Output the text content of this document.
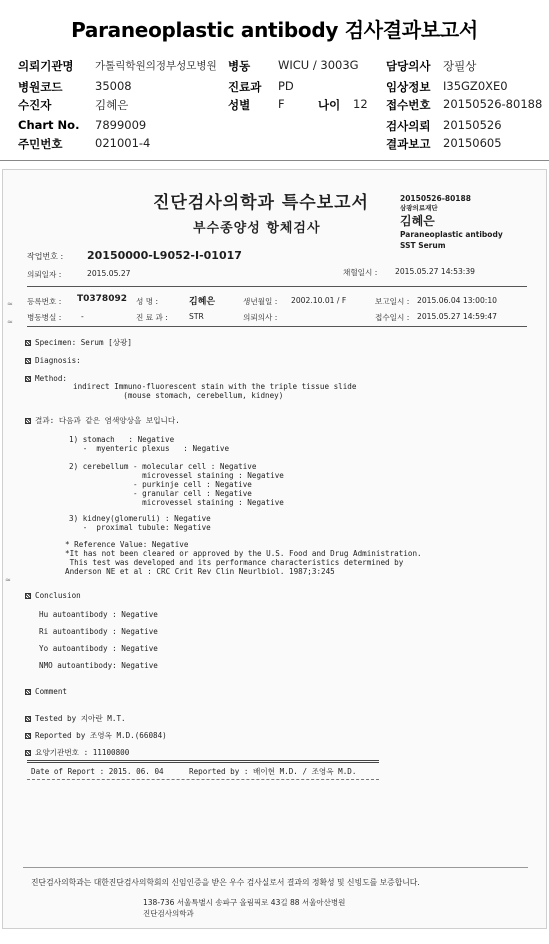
Paraneoplastic antibody 검사결과보고서
의뢰기관명 가톨릭학원의정부성모병원 병동 WICU / 3003G 담당의사 장필상
병원코드	35008	진료과 PD	임상정보 I35GZ0XE0
수진자	김혜은	성별 F	나이 12 접수번호 20150526-80188
Chart No. 7899009	검사의뢰 20150526
주민번호	021001-4	결과보고 20150605
진단검사의학과 특수보고서
부수종양성 항체검사
20150526-80188
삼광의료재단
김혜은
Paraneoplastic antibody
SST Serum
작업번호 : 20150000-L9052-I-01017
의뢰일자 :	2015.05.27	채혈일시 : 2015.05.27 14:53:39
등록번호 : T0378092 성 명 :	김혜은	생년월일 : 2002.10.01 / F	보고일시 : 2015.06.04 13:00:10
병동병실 :	-	진 료 과 :	STR	의뢰의사 :	접수일시 : 2015.05.27 14:59:47
≈
≈
Specimen: Serum [상광]
Diagnosis:
Method:
indirect Immuno-fluorescent stain with the triple tissue slide
(mouse stomach, cerebellum, kidney)
결과: 다음과 같은 염색양상을 보입니다.
1) stomach   : Negative
-  myenteric plexus   : Negative
2) cerebellum - molecular cell : Negative
microvessel staining : Negative
- purkinje cell : Negative
- granular cell : Negative
microvessel staining : Negative
3) kidney(glomeruli) : Negative
-  proximal tubule: Negative
* Reference Value: Negative
*It has not been cleared or approved by the U.S. Food and Drug Administration.
This test was developed and its performance characteristics determined by
Anderson NE et al : CRC Crit Rev Clin Neurlbiol. 1987;3:245
≈
Conclusion
Hu autoantibody : Negative
Ri autoantibody : Negative
Yo autoantibody : Negative
NMO autoantibody: Negative
Comment
Tested by 지아란 M.T.
Reported by 조영옥 M.D.(66084)
요양기관번호 : 11100800
Date of Report : 2015. 06. 04	Reported by : 배이현 M.D. / 조영옥 M.D.
진단검사의학과는 대한진단검사의학회의 신임인증을 받은 우수 검사실로서 결과의 정확성 및 신빙도를 보증합니다.
138-736 서울특별시 송파구 올림픽로 43길 88 서울아산병원
진단검사의학과
